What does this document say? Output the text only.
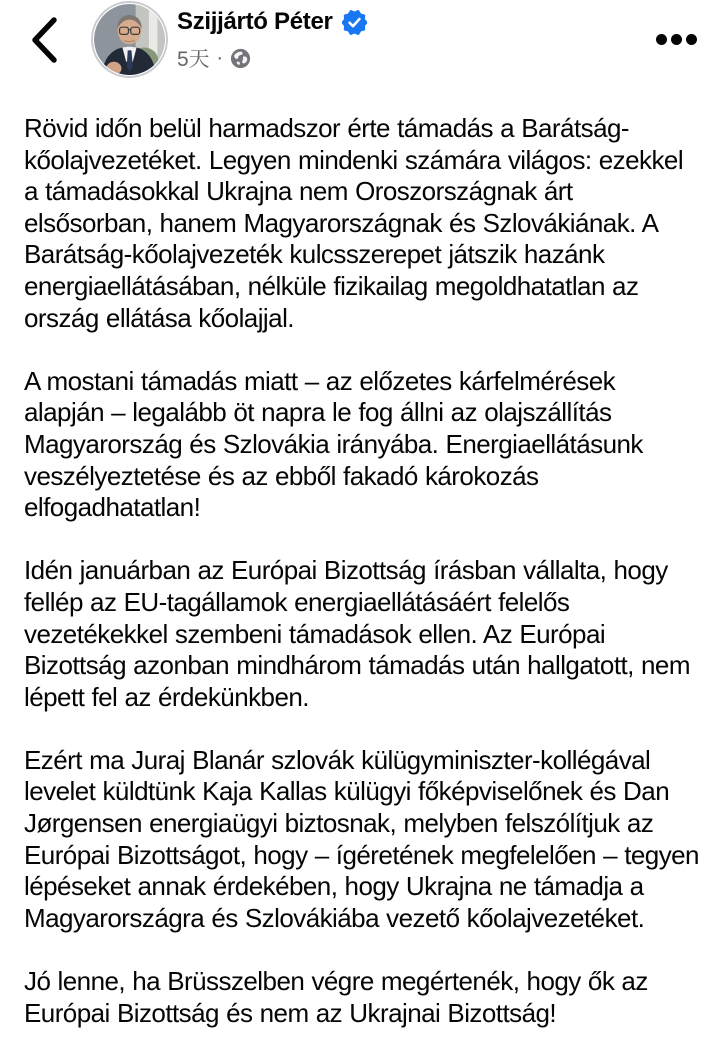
Szijjártó Péter
5天 ·

Rövid időn belül harmadszor érte támadás a Barátság-kőolajvezetéket. Legyen mindenki számára világos: ezekkel a támadásokkal Ukrajna nem Oroszországnak árt elsősorban, hanem Magyarországnak és Szlovákiának. A Barátság-kőolajvezeték kulcsszerepet játszik hazánk energiaellátásában, nélküle fizikailag megoldhatatlan az ország ellátása kőolajjal.

A mostani támadás miatt – az előzetes kárfelmérések alapján – legalább öt napra le fog állni az olajszállítás Magyarország és Szlovákia irányába. Energiaellátásunk veszélyeztetése és az ebből fakadó károkozás elfogadhatatlan!

Idén januárban az Európai Bizottság írásban vállalta, hogy fellép az EU-tagállamok energiaellátásáért felelős vezetékekkel szembeni támadások ellen. Az Európai Bizottság azonban mindhárom támadás után hallgatott, nem lépett fel az érdekünkben.

Ezért ma Juraj Blanár szlovák külügyminiszter-kollégával levelet küldtünk Kaja Kallas külügyi főképviselőnek és Dan Jørgensen energiaügyi biztosnak, melyben felszólítjuk az Európai Bizottságot, hogy – ígéretének megfelelően – tegyen lépéseket annak érdekében, hogy Ukrajna ne támadja a Magyarországra és Szlovákiába vezető kőolajvezetéket.

Jó lenne, ha Brüsszelben végre megértenék, hogy ők az Európai Bizottság és nem az Ukrajnai Bizottság!
